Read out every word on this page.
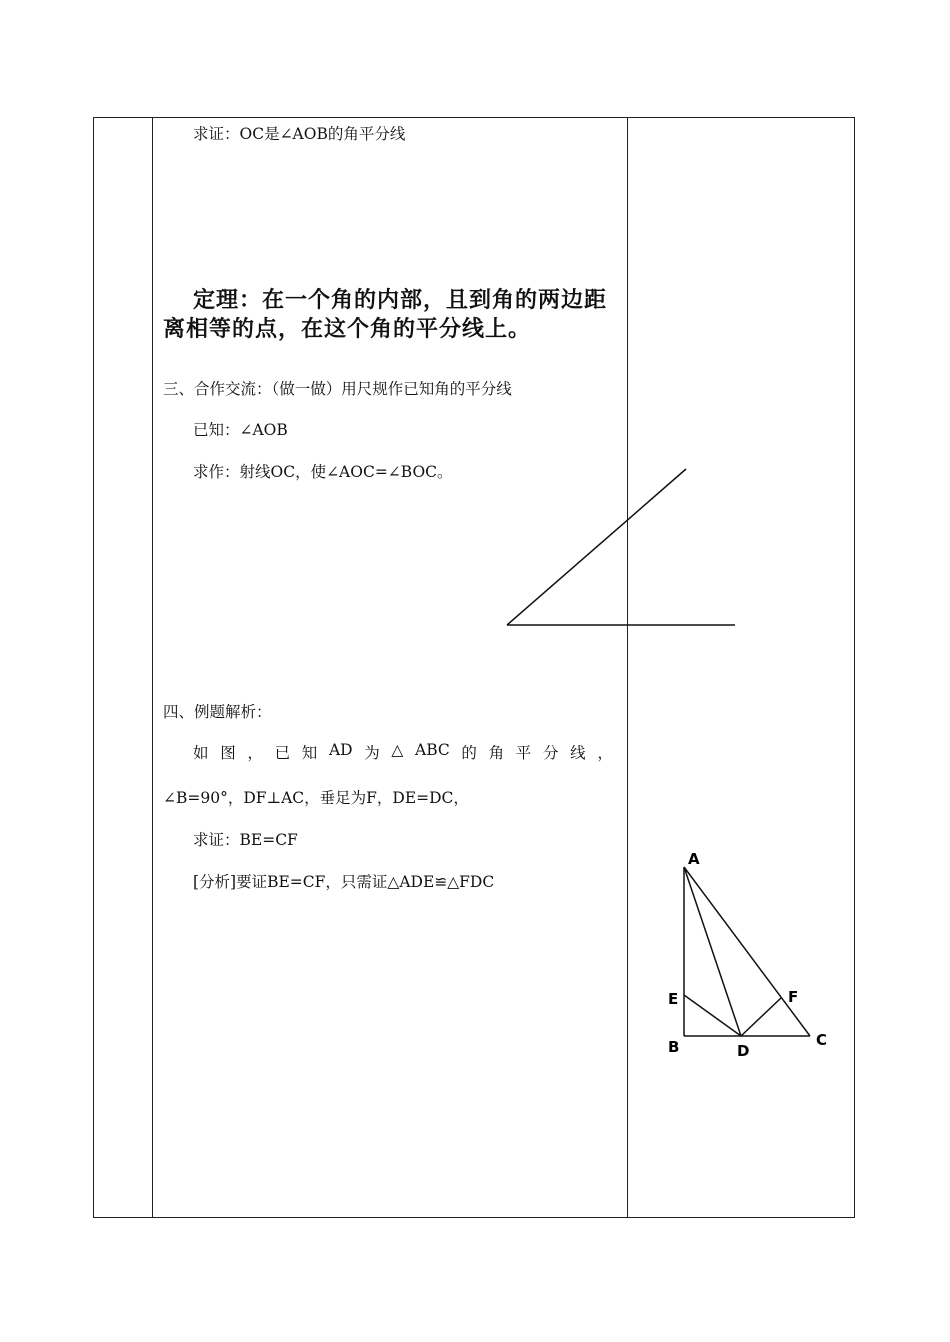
求证：OC是∠AOB的角平分线
定理：在一个角的内部，且到角的两边距离相等的点，在这个角的平分线上。
三、合作交流：（做一做）用尺规作已知角的平分线
已知：∠AOB
求作：射线OC，使∠AOC=∠BOC。
四、例题解析：
如 图 ， 已 知 AD 为 △ ABC 的 角 平 分 线 ，
∠B=90°，DF⊥AC，垂足为F，DE=DC，
求证：BE=CF
[分析]要证BE=CF，只需证△ADE≌△FDC
A
E	F
B	D
C
